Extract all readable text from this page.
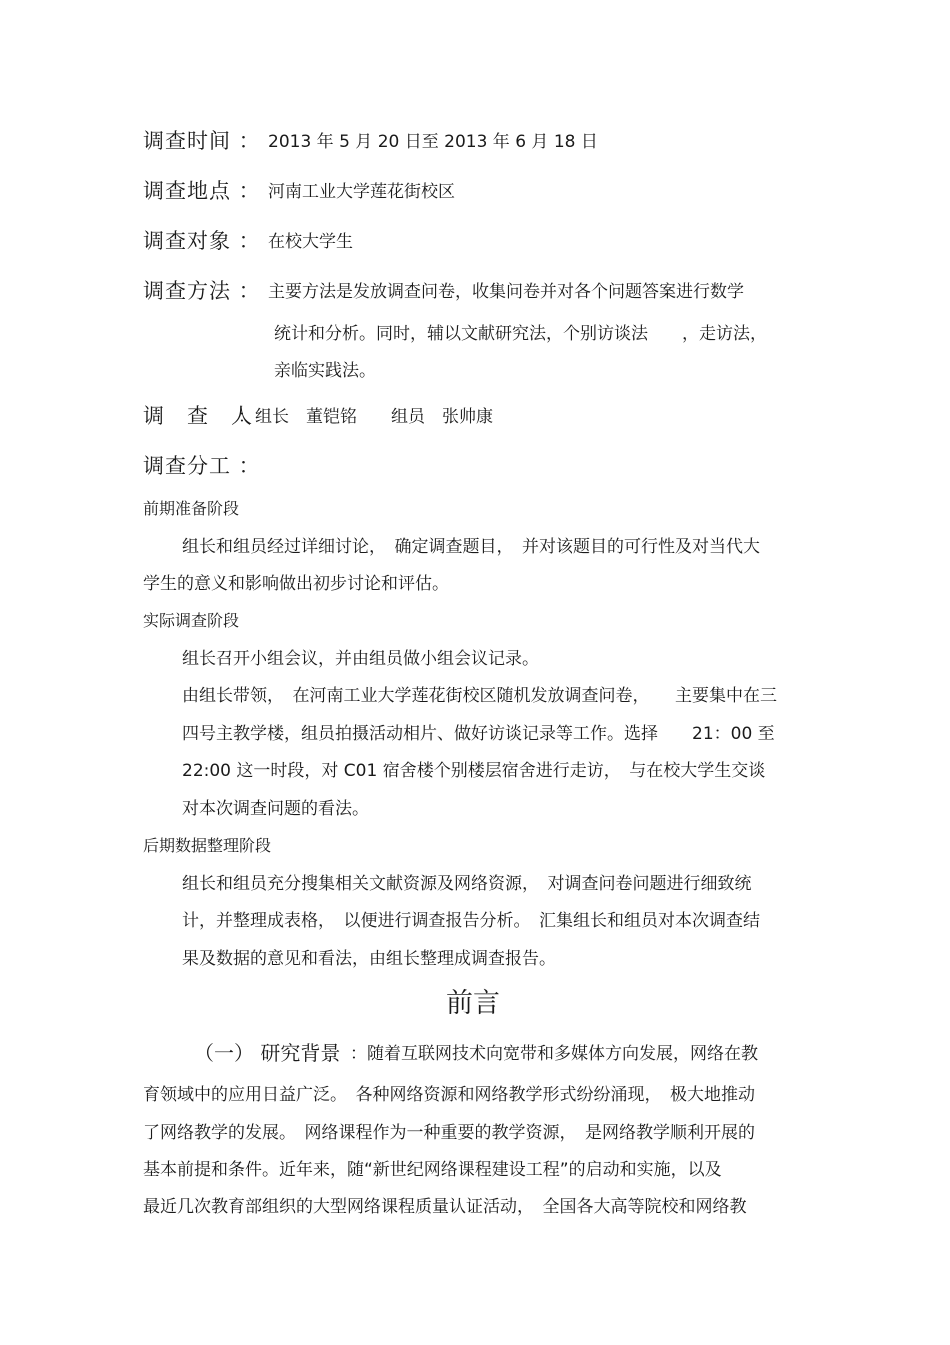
调查时间 ： 2013 年 5 月 20 日至 2013 年 6 月 18 日
调查地点 ： 河南工业大学莲花街校区
调查对象 ： 在校大学生
调查方法 ： 主要方法是发放调查问卷，收集问卷并对各个问题答案进行数学
统计和分析。同时，辅以文献研究法，个别访谈法　　，走访法，
亲临实践法。
调　查　人
：组长　董铠铭　　组员　张帅康
调查分工 ：
前期准备阶段
组长和组员经过详细讨论，　确定调查题目，　并对该题目的可行性及对当代大
学生的意义和影响做出初步讨论和评估。
实际调查阶段
组长召开小组会议，并由组员做小组会议记录。
由组长带领，　在河南工业大学莲花街校区随机发放调查问卷，　　主要集中在三
四号主教学楼，组员拍摄活动相片、做好访谈记录等工作。选择　　21：00 至
22:00 这一时段，对 C01 宿舍楼个别楼层宿舍进行走访，　与在校大学生交谈
对本次调查问题的看法。
后期数据整理阶段
组长和组员充分搜集相关文献资源及网络资源，　对调查问卷问题进行细致统
计，并整理成表格，　以便进行调查报告分析。　汇集组长和组员对本次调查结
果及数据的意见和看法，由组长整理成调查报告。
前言
（一） 研究背景 ：随着互联网技术向宽带和多媒体方向发展，网络在教
育领域中的应用日益广泛。　各种网络资源和网络教学形式纷纷涌现，　极大地推动
了网络教学的发展。　网络课程作为一种重要的教学资源，　是网络教学顺利开展的
基本前提和条件。近年来，随“新世纪网络课程建设工程”的启动和实施，以及
最近几次教育部组织的大型网络课程质量认证活动，　全国各大高等院校和网络教
